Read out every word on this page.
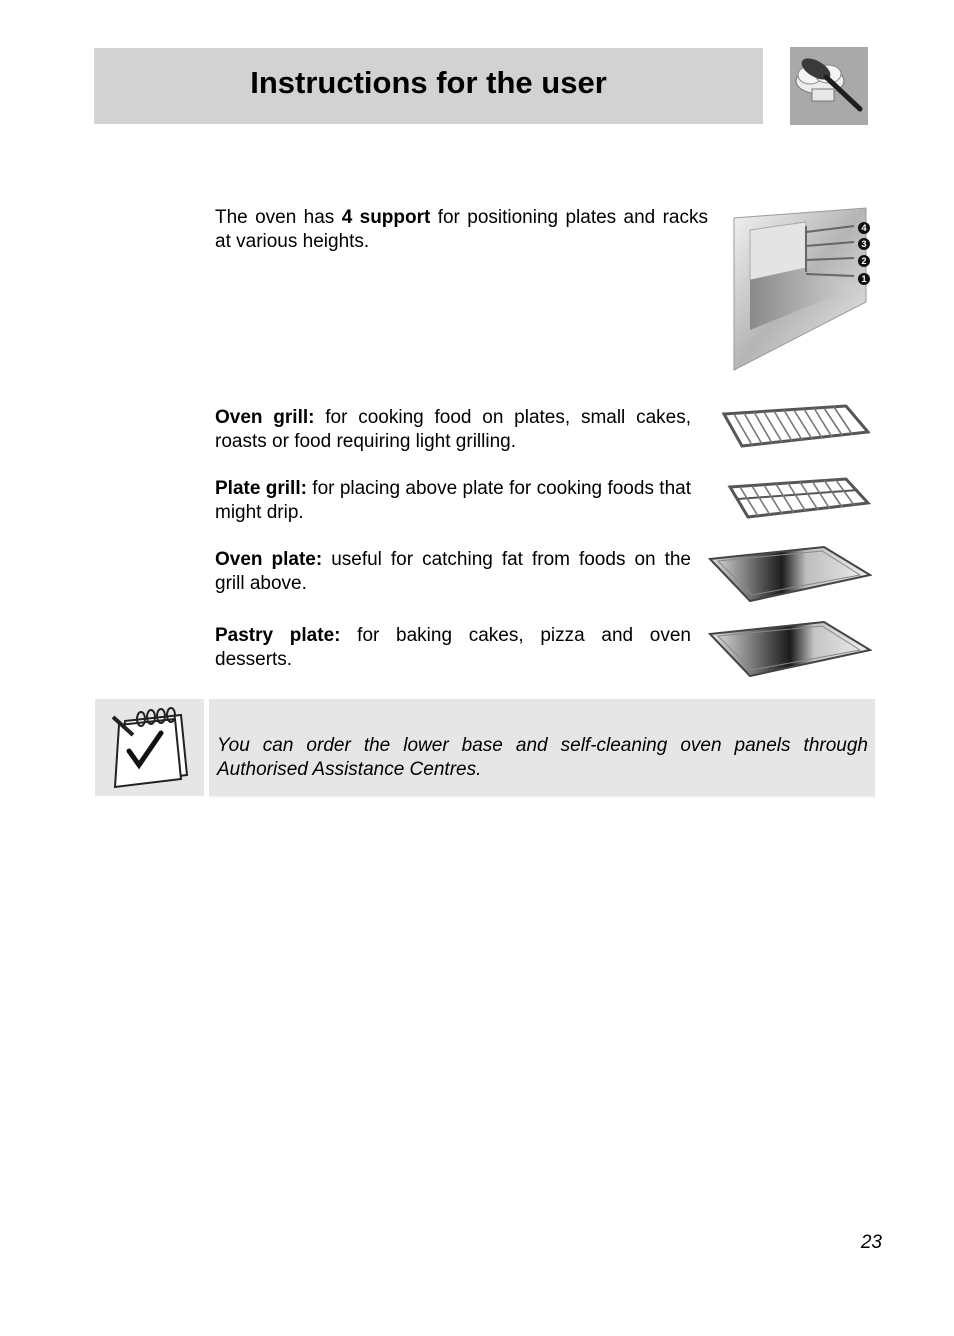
Instructions for the user
The oven has 4 support for positioning plates and racks at various heights.
4
3
2
1
Oven grill: for cooking food on plates, small cakes, roasts or food requiring light grilling.
Plate grill: for placing above plate for cooking foods that might drip.
Oven plate: useful for catching fat from foods on the grill above.
Pastry plate: for baking cakes, pizza and oven desserts.
You can order the lower base and self-cleaning oven panels through Authorised Assistance Centres.
23
